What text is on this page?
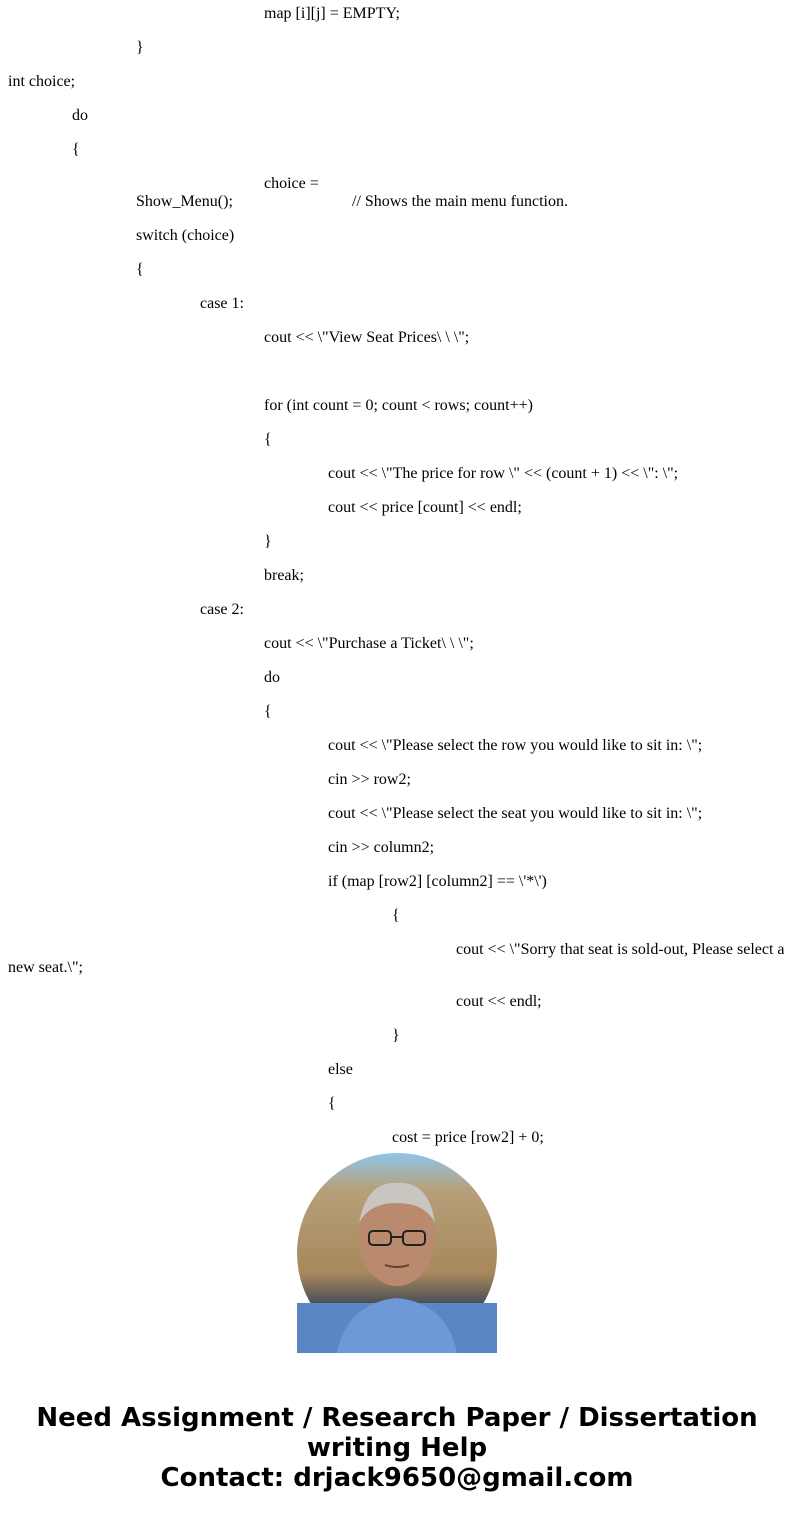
map [i][j] = EMPTY;

}

int choice;

do

{

choice = Show_Menu();	// Shows the main menu function.

switch (choice)

{

case 1:

cout << \"View Seat Prices\ \ \";

for (int count = 0; count < rows; count++)

{

cout << \"The price for row \" << (count + 1) << \": \";

cout << price [count] << endl;

}

break;

case 2:

cout << \"Purchase a Ticket\ \ \";

do

{

cout << \"Please select the row you would like to sit in: \";

cin >> row2;

cout << \"Please select the seat you would like to sit in: \";

cin >> column2;

if (map [row2] [column2] == \'*\')

{

cout << \"Sorry that seat is sold-out, Please select a new seat.\";

cout << endl;

}

else

{

cost = price [row2] + 0;

Need Assignment / Research Paper / Dissertation writing Help
Contact: drjack9650@gmail.com
